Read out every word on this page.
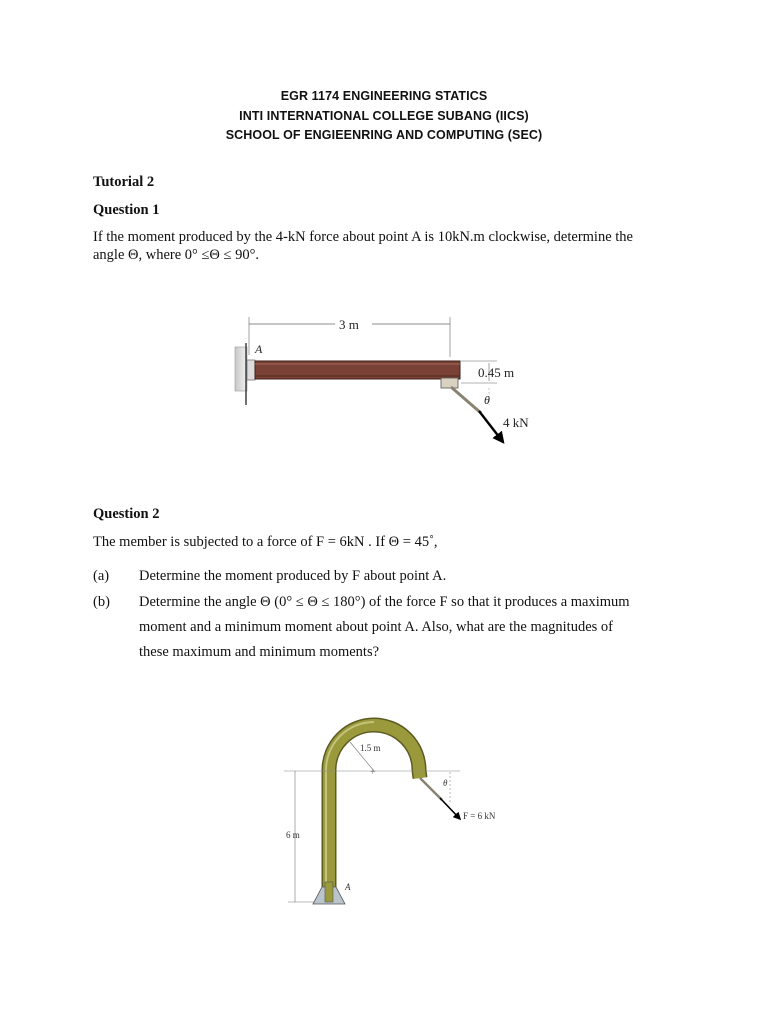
EGR 1174 ENGINEERING STATICS
INTI INTERNATIONAL COLLEGE SUBANG (IICS)
SCHOOL OF ENGIEENRING AND COMPUTING (SEC)
Tutorial 2
Question 1
If the moment produced by the 4-kN force about point A is 10kN.m clockwise, determine the
angle Θ, where 0° ≤Θ ≤ 90°.
3 m
A
0.45 m
θ
4 kN
Question 2
The member is subjected to a force of F = 6kN . If Θ = 45˚,
(a) Determine the moment produced by F about point A.
(b) Determine the angle Θ (0° ≤ Θ ≤ 180°) of the force F so that it produces a maximum
moment and a minimum moment about point A. Also, what are the magnitudes of
these maximum and minimum moments?
+
1.5 m
6 m
A
θ
F = 6 kN
